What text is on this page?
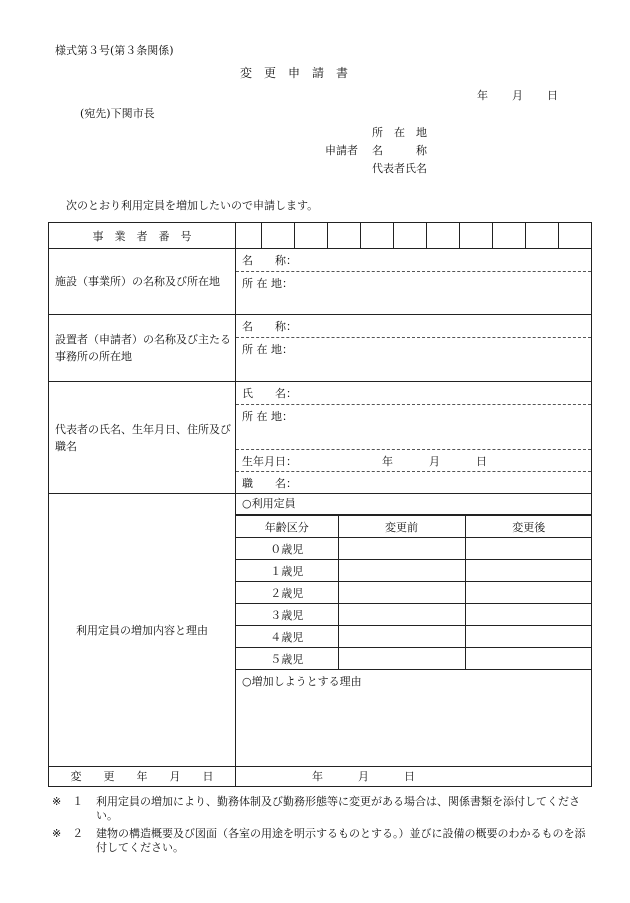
様式第３号(第３条関係)
変　更　申　請　書
年 月 日
(宛先)下関市長
所　在　地
申請者 名　　　称
代表者氏名
次のとおり利用定員を増加したいので申請します。
事　業　者　番　号	

施設（事業所）の名称及び所在地	
名　　称：
所 在 地：

設置者（申請者）の名称及び主たる事務所の所在地	
名　　称：
所 在 地：

代表者の氏名、生年月日、住所及び職名	
氏　　名：
所 在 地：
生年月日：	年	月	日
職　　名：

利用定員の増加内容と理由	
○利用定員
年齢区分	変更前	変更後
０歳児		
１歳児		
２歳児		
３歳児		
４歳児		
５歳児		
○増加しようとする理由

変　　更　　年　　月　　日	年	月	日
※　１	利用定員の増加により、勤務体制及び勤務形態等に変更がある場合は、関係書類を添付してください。
※　２	建物の構造概要及び図面（各室の用途を明示するものとする。）並びに設備の概要のわかるものを添付してください。
